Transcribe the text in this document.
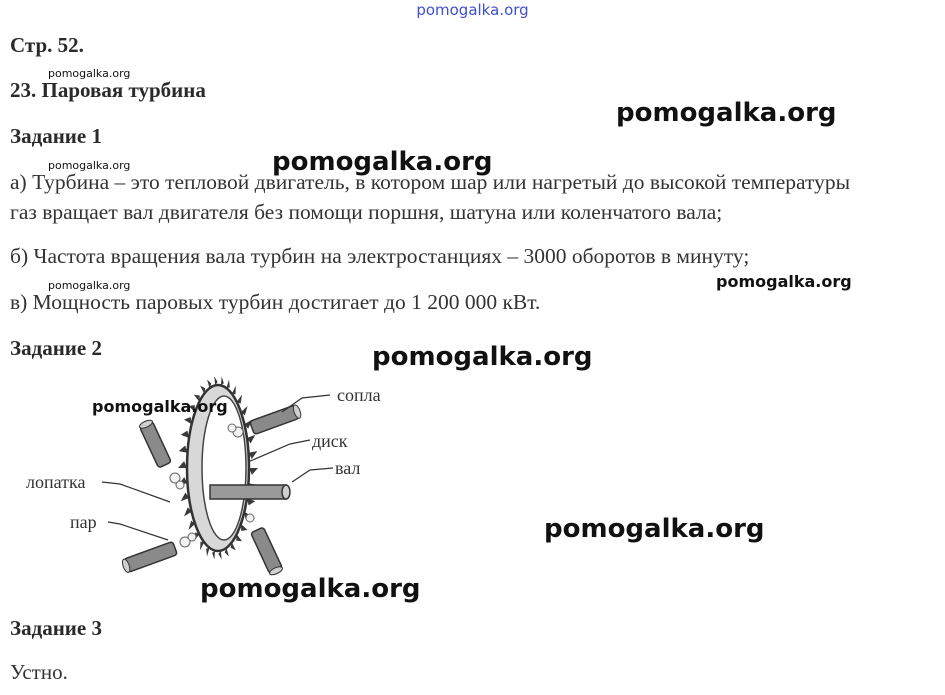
pomogalka.org
Стр. 52.
pomogalka.org
23. Паровая турбина
pomogalka.org
Задание 1
pomogalka.org	pomogalka.org
а) Турбина – это тепловой двигатель, в котором шар или нагретый до высокой температуры
газ вращает вал двигателя без помощи поршня, шатуна или коленчатого вала;
б) Частота вращения вала турбин на электростанциях – 3000 оборотов в минуту;
pomogalka.org	pomogalka.org
в) Мощность паровых турбин достигает до 1 200 000 кВт.
Задание 2	pomogalka.org
pomogalka.org
сопла
диск
вал
лопатка
пар	pomogalka.org
pomogalka.org
Задание 3
Устно.
